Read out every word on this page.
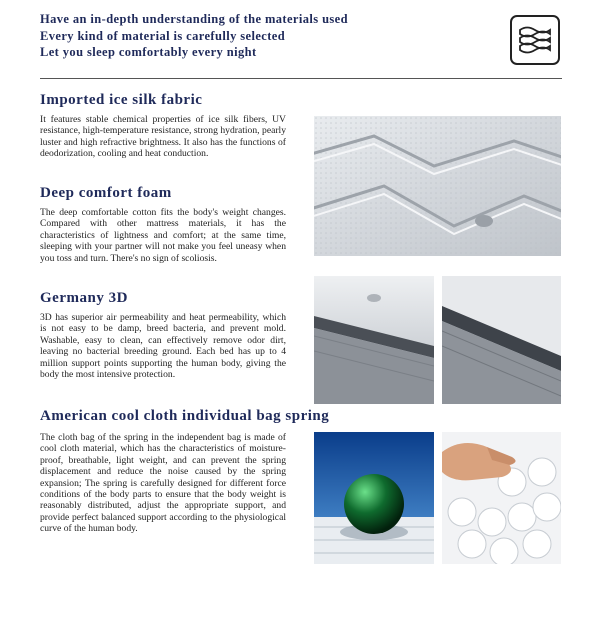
Have an in-depth understanding of the materials used
Every kind of material is carefully selected
Let you sleep comfortably every night
Imported ice silk fabric

It features stable chemical properties of ice silk fibers, UV resistance, high-temperature resistance, strong hydration, pearly luster and high refractive brightness. It also has the functions of deodorization, cooling and heat conduction.

Deep comfort foam

The deep comfortable cotton fits the body's weight changes. Compared with other mattress materials, it has the characteristics of lightness and comfort; at the same time, sleeping with your partner will not make you feel uneasy when you toss and turn. There's no sign of scoliosis.

Germany 3D

3D has superior air permeability and heat permeability, which is not easy to be damp, breed bacteria, and prevent mold. Washable, easy to clean, can effectively remove odor dirt, leaving no bacterial breeding ground. Each bed has up to 4 million support points supporting the human body, giving the body the most intensive protection.

American cool cloth individual bag spring

The cloth bag of the spring in the independent bag is made of cool cloth material, which has the characteristics of moisture-proof, breathable, light weight, and can prevent the spring displacement and reduce the noise caused by the spring expansion; The spring is carefully designed for different force conditions of the body parts to ensure that the body weight is reasonably distributed, adjust the appropriate support, and provide perfect balanced support according to the physiological curve of the human body.
